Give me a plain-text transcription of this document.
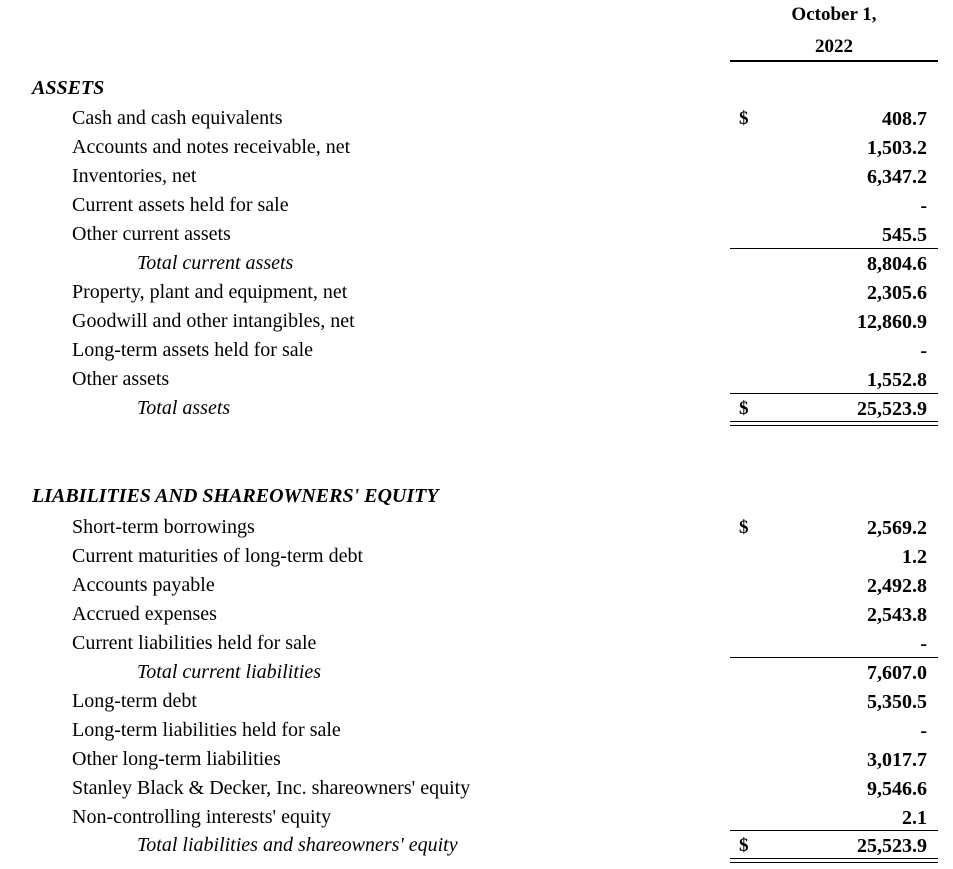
October 1,
2022
ASSETS
Cash and cash equivalents	$	408.7
Accounts and notes receivable, net	1,503.2
Inventories, net	6,347.2
Current assets held for sale	-
Other current assets	545.5
Total current assets	8,804.6
Property, plant and equipment, net	2,305.6
Goodwill and other intangibles, net	12,860.9
Long-term assets held for sale	-
Other assets	1,552.8
Total assets	$	25,523.9
LIABILITIES AND SHAREOWNERS' EQUITY
Short-term borrowings	$	2,569.2
Current maturities of long-term debt	1.2
Accounts payable	2,492.8
Accrued expenses	2,543.8
Current liabilities held for sale	-
Total current liabilities	7,607.0
Long-term debt	5,350.5
Long-term liabilities held for sale	-
Other long-term liabilities	3,017.7
Stanley Black & Decker, Inc. shareowners' equity	9,546.6
Non-controlling interests' equity	2.1
Total liabilities and shareowners' equity	$	25,523.9
